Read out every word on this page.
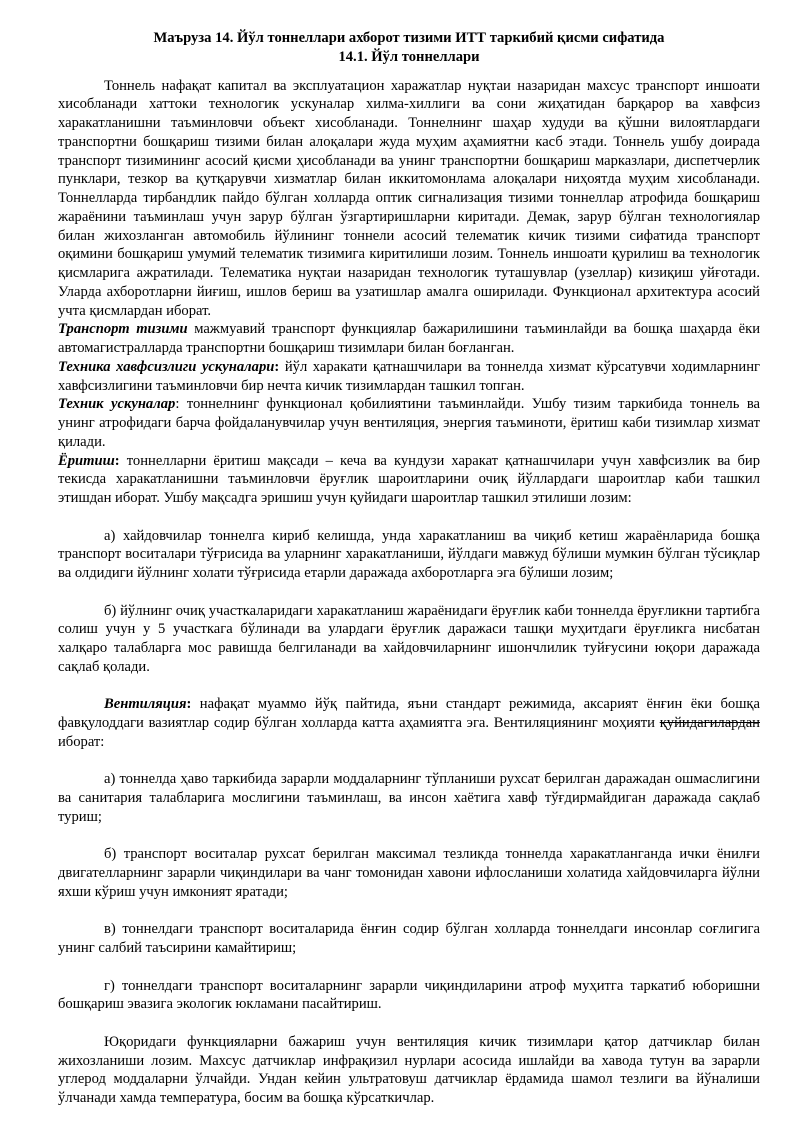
Маъруза 14. Йўл тоннеллари ахборот тизими ИТТ таркибий қисми сифатида
14.1. Йўл тоннеллари

Тоннель нафақат капитал ва эксплуатацион харажатлар нуқтаи назаридан махсус транспорт иншоати хисобланади хаттоки технологик ускуналар хилма-хиллиги ва сони жиҳатидан барқарор ва хавфсиз харакатланишни таъминловчи объект хисобланади. Тоннелнинг шаҳар худуди ва қўшни вилоятлардаги транспортни бошқариш тизими билан алоқалари жуда муҳим аҳамиятни касб этади. Тоннель ушбу доирада транспорт тизимининг асосий қисми ҳисобланади ва унинг транспортни бошқариш марказлари, диспетчерлик пунклари, тезкор ва қутқарувчи хизматлар билан иккитомонлама алоқалари ниҳоятда муҳим хисобланади. Тоннелларда тирбандлик пайдо бўлган холларда оптик сигнализация тизими тоннеллар атрофида бошқариш жараёнини таъминлаш учун зарур бўлган ўзгартиришларни киритади. Демак, зарур бўлган технологиялар билан жихозланган автомобиль йўлининг тоннели асосий телематик кичик тизими сифатида транспорт оқимини бошқариш умумий телематик тизимига киритилиши лозим. Тоннель иншоати қурилиш ва технологик қисмларига ажратилади. Телематика нуқтаи назаридан технологик туташувлар (узеллар) кизиқиш уйғотади. Уларда ахборотларни йиғиш, ишлов бериш ва узатишлар амалга оширилади. Функционал архитектура асосий учта қисмлардан иборат.

Транспорт тизими мажмуавий транспорт функциялар бажарилишини таъминлайди ва бошқа шаҳарда ёки автомагистралларда транспортни бошқариш тизимлари билан боғланган.

Техника хавфсизлиги ускуналари: йўл харакати қатнашчилари ва тоннелда хизмат кўрсатувчи ходимларнинг хавфсизлигини таъминловчи бир нечта кичик тизимлардан ташкил топган.

Техник ускуналар: тоннелнинг функционал қобилиятини таъминлайди. Ушбу тизим таркибида тоннель ва унинг атрофидаги барча фойдаланувчилар учун вентиляция, энергия таъминоти, ёритиш каби тизимлар хизмат қилади.

Ёритиш: тоннелларни ёритиш мақсади – кеча ва кундузи харакат қатнашчилари учун хавфсизлик ва бир текисда харакатланишни таъминловчи ёруғлик шароитларини очиқ йўллардаги шароитлар каби ташкил этишдан иборат. Ушбу мақсадга эришиш учун қуйидаги шароитлар ташкил этилиши лозим:

а) хайдовчилар тоннелга кириб келишда, унда харакатланиш ва чиқиб кетиш жараёнларида бошқа транспорт воситалари тўғрисида ва уларнинг харакатланиши, йўлдаги мавжуд бўлиши мумкин бўлган тўсиқлар ва олдидиги йўлнинг холати тўғрисида етарли даражада ахборотларга эга бўлиши лозим;

б) йўлнинг очиқ участкаларидаги харакатланиш жараёнидаги ёруғлик каби тоннелда ёруғликни тартибга солиш учун у 5 участкага бўлинади ва улардаги ёруғлик даражаси ташқи муҳитдаги ёруғликга нисбатан халқаро талабларга мос равишда белгиланади ва хайдовчиларнинг ишончлилик туйғусини юқори даражада сақлаб қолади.

Вентиляция: нафақат муаммо йўқ пайтида, яъни стандарт режимида, аксарият ёнғин ёки бошқа фавқулоддаги вазиятлар содир бўлган холларда катта аҳамиятга эга. Вентиляциянинг моҳияти қуйидагилардан иборат:

а) тоннелда ҳаво таркибида зарарли моддаларнинг тўпланиши рухсат берилган даражадан ошмаслигини ва санитария талабларига мослигини таъминлаш, ва инсон хаётига хавф тўғдирмайдиган даражада сақлаб туриш;

б) транспорт воситалар рухсат берилган максимал тезликда тоннелда харакатланганда ички ёнилғи двигателларнинг зарарли чиқиндилари ва чанг томонидан хавони ифлосланиши холатида хайдовчиларга йўлни яхши кўриш учун имконият яратади;

в) тоннелдаги транспорт воситаларида ёнғин содир бўлган холларда тоннелдаги инсонлар соғлигига унинг салбий таъсирини камайтириш;

г) тоннелдаги транспорт воситаларнинг зарарли чиқиндиларини атроф муҳитга таркатиб юборишни бошқариш эвазига экологик юкламани пасайтириш.

Юқоридаги функцияларни бажариш учун вентиляция кичик тизимлари қатор датчиклар билан жихозланиши лозим. Махсус датчиклар инфрақизил нурлари асосида ишлайди ва хавода тутун ва зарарли углерод моддаларни ўлчайди. Ундан кейин ультратовуш датчиклар ёрдамида шамол тезлиги ва йўналиши ўлчанади хамда температура, босим ва бошқа кўрсаткичлар.
